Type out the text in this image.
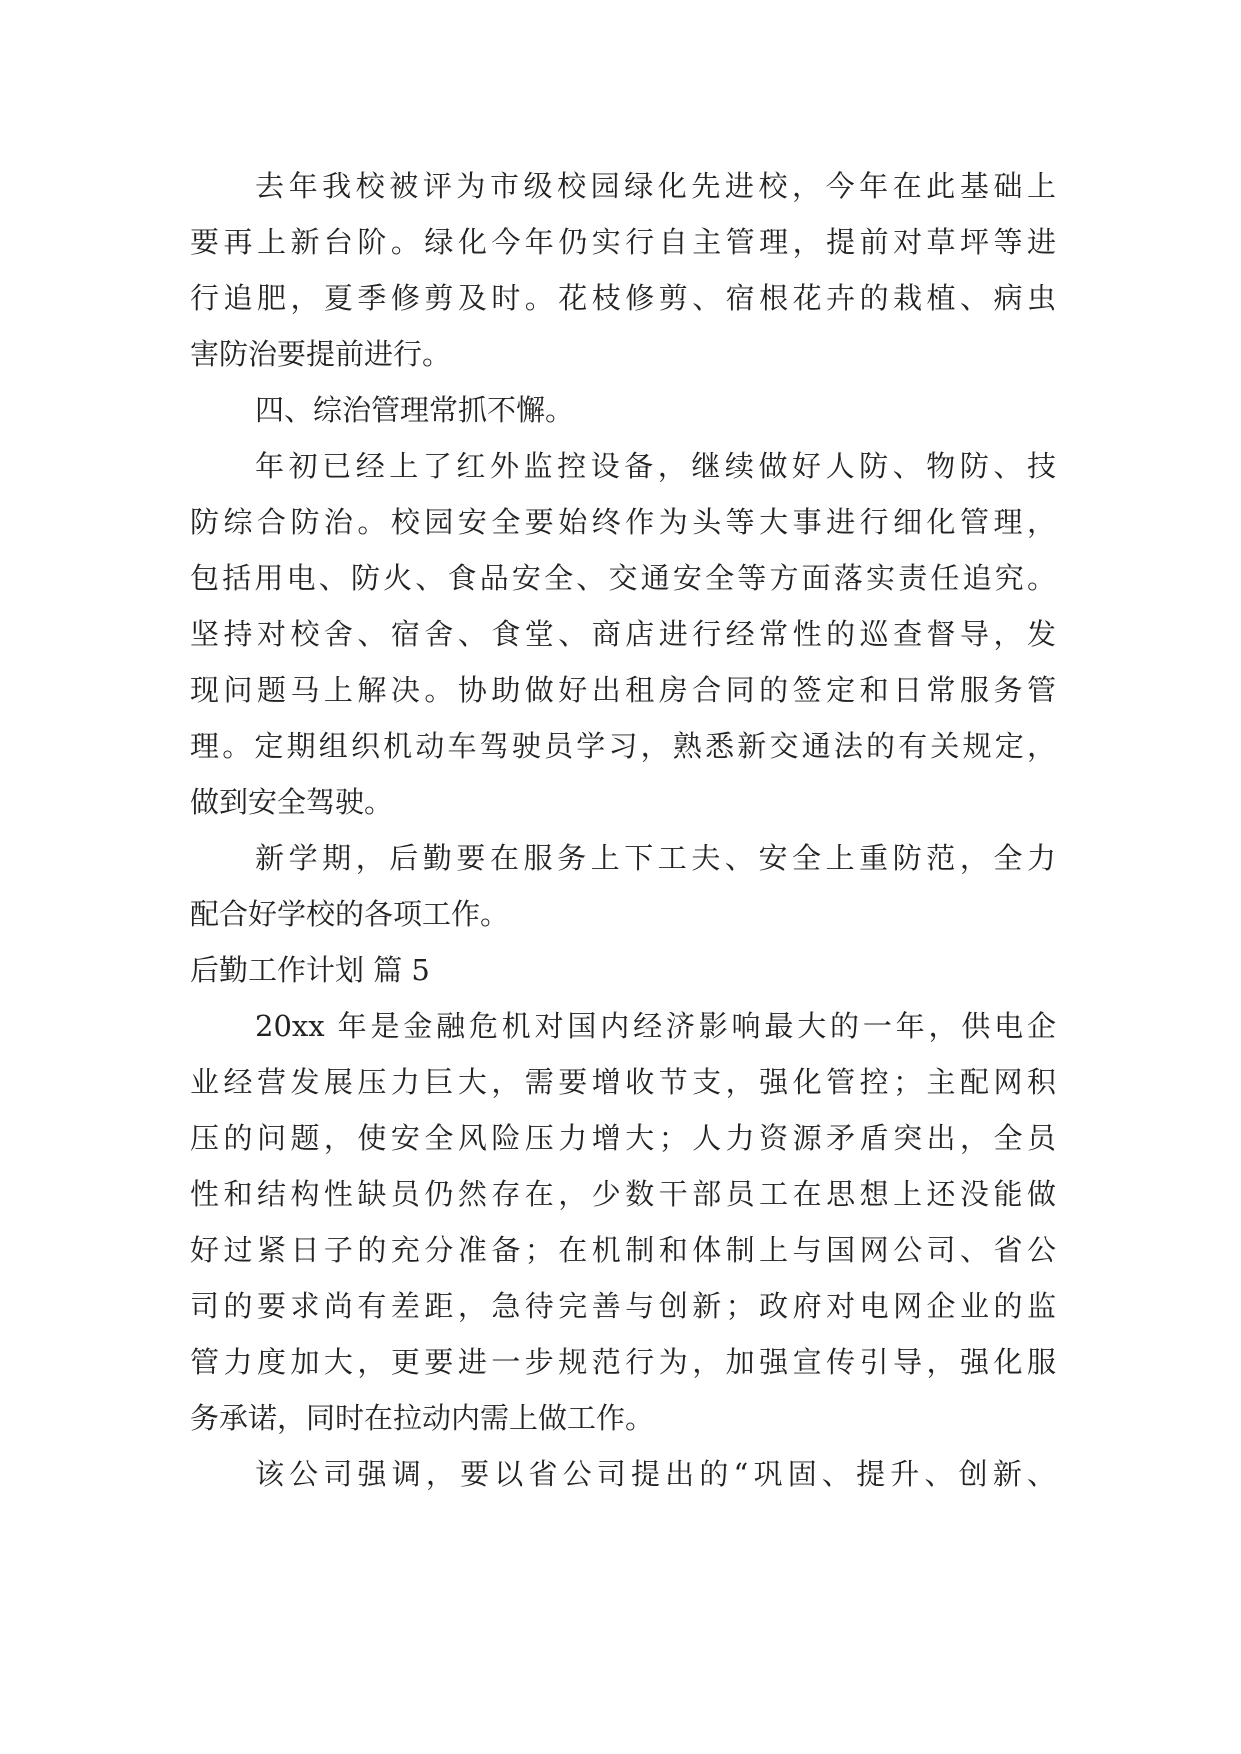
去年我校被评为市级校园绿化先进校，今年在此基础上

要再上新台阶。绿化今年仍实行自主管理，提前对草坪等进

行追肥，夏季修剪及时。花枝修剪、宿根花卉的栽植、病虫

害防治要提前进行。

四、综治管理常抓不懈。

年初已经上了红外监控设备，继续做好人防、物防、技

防综合防治。校园安全要始终作为头等大事进行细化管理，

包括用电、防火、食品安全、交通安全等方面落实责任追究。

坚持对校舍、宿舍、食堂、商店进行经常性的巡查督导，发

现问题马上解决。协助做好出租房合同的签定和日常服务管

理。定期组织机动车驾驶员学习，熟悉新交通法的有关规定，

做到安全驾驶。

新学期，后勤要在服务上下工夫、安全上重防范，全力

配合好学校的各项工作。

后勤工作计划 篇 5

20xx 年是金融危机对国内经济影响最大的一年，供电企

业经营发展压力巨大，需要增收节支，强化管控；主配网积

压的问题，使安全风险压力增大；人力资源矛盾突出，全员

性和结构性缺员仍然存在，少数干部员工在思想上还没能做

好过紧日子的充分准备；在机制和体制上与国网公司、省公

司的要求尚有差距，急待完善与创新；政府对电网企业的监

管力度加大，更要进一步规范行为，加强宣传引导，强化服

务承诺，同时在拉动内需上做工作。

该公司强调，要以省公司提出的“巩固、提升、创新、
